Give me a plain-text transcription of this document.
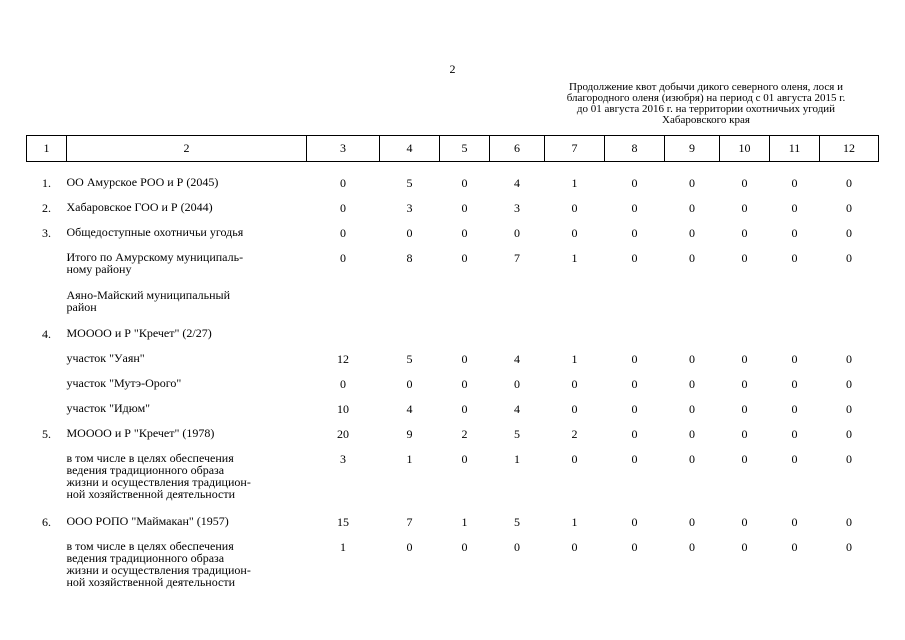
2
Продолжение квот добычи дикого северного оленя, лося и
благородного оленя (изюбря) на период с 01 августа 2015 г.
до 01 августа 2016 г. на территории охотничьих угодий
Хабаровского края
1	2	3	4	5	6	7	8	9	10	11	12

1.	ОО Амурское РОО и Р (2045)	0	5	0	4	1	0	0	0	0	0
2.	Хабаровское ГОО и Р (2044)	0	3	0	3	0	0	0	0	0	0
3.	Общедоступные охотничьи угодья	0	0	0	0	0	0	0	0	0	0

	Итого по Амурскому муниципаль-
ному району	0	8	0	7	1	0	0	0	0	0

	Аяно-Майский муниципальный
район										

4.	МОООО и Р "Кречет" (2/27)										

	участок "Уаян"	12	5	0	4	1	0	0	0	0	0

	участок "Мутэ-Орого"	0	0	0	0	0	0	0	0	0	0

	участок "Идюм"	10	4	0	4	0	0	0	0	0	0
5.	МОООО и Р "Кречет" (1978)	20	9	2	5	2	0	0	0	0	0

	в том числе в целях обеспечения
ведения традиционного образа
жизни и осуществления традицион-
ной хозяйственной деятельности	3	1	0	1	0	0	0	0	0	0
6.	ООО РОПО "Маймакан" (1957)	15	7	1	5	1	0	0	0	0	0

	в том числе в целях обеспечения
ведения традиционного образа
жизни и осуществления традицион-
ной хозяйственной деятельности	1	0	0	0	0	0	0	0	0	0
